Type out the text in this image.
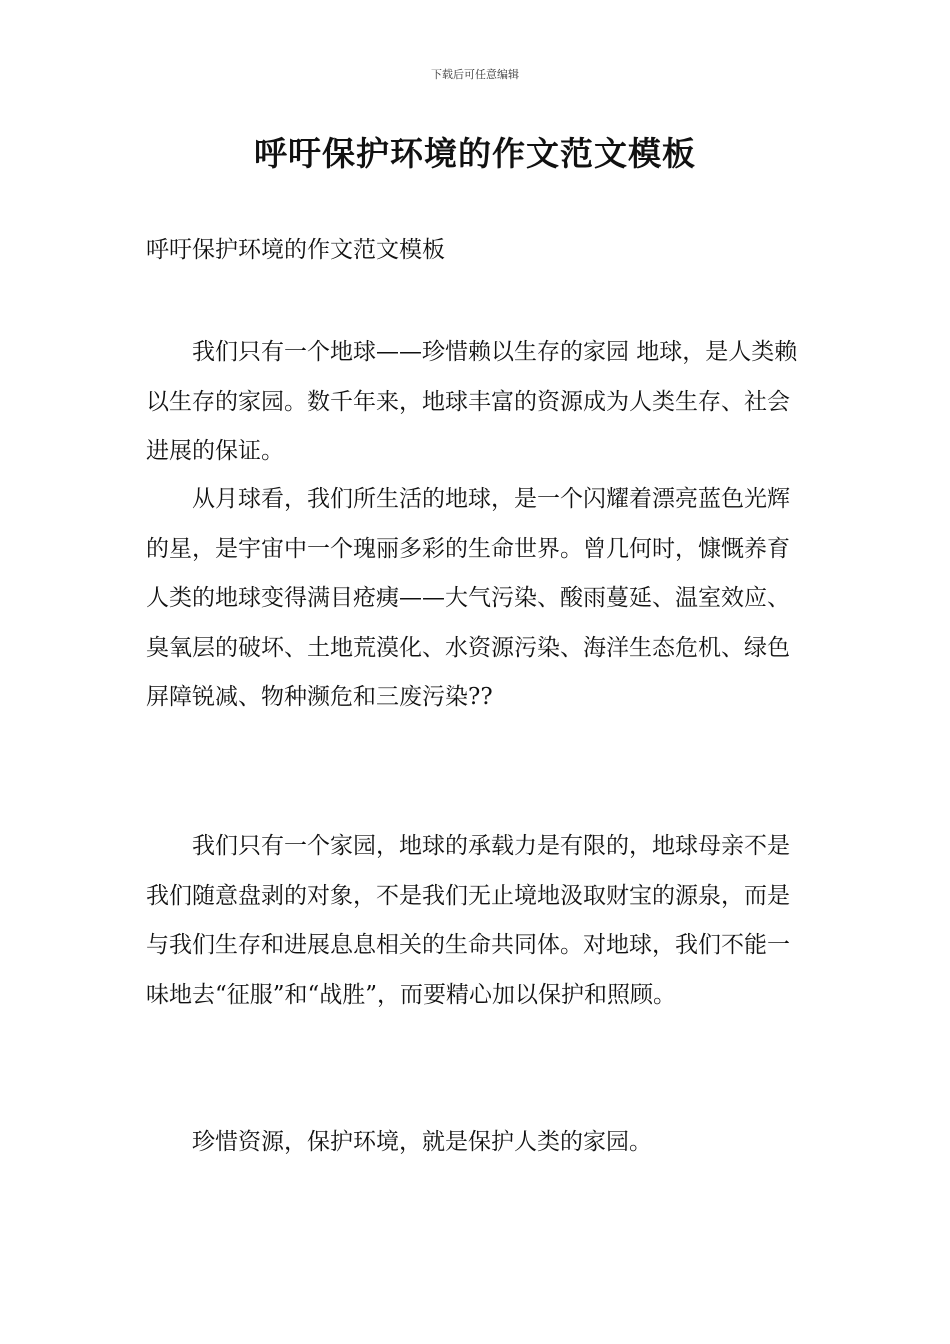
下载后可任意编辑
呼吁保护环境的作文范文模板
呼吁保护环境的作文范文模板

我们只有一个地球——珍惜赖以生存的家园 地球，是人类赖以生存的家园。数千年来，地球丰富的资源成为人类生存、社会进展的保证。

从月球看，我们所生活的地球，是一个闪耀着漂亮蓝色光辉的星，是宇宙中一个瑰丽多彩的生命世界。曾几何时，慷慨养育人类的地球变得满目疮痍——大气污染、酸雨蔓延、温室效应、臭氧层的破坏、土地荒漠化、水资源污染、海洋生态危机、绿色屏障锐减、物种濒危和三废污染??

我们只有一个家园，地球的承载力是有限的，地球母亲不是我们随意盘剥的对象，不是我们无止境地汲取财宝的源泉，而是与我们生存和进展息息相关的生命共同体。对地球，我们不能一味地去“征服”和“战胜”，而要精心加以保护和照顾。

珍惜资源，保护环境，就是保护人类的家园。
